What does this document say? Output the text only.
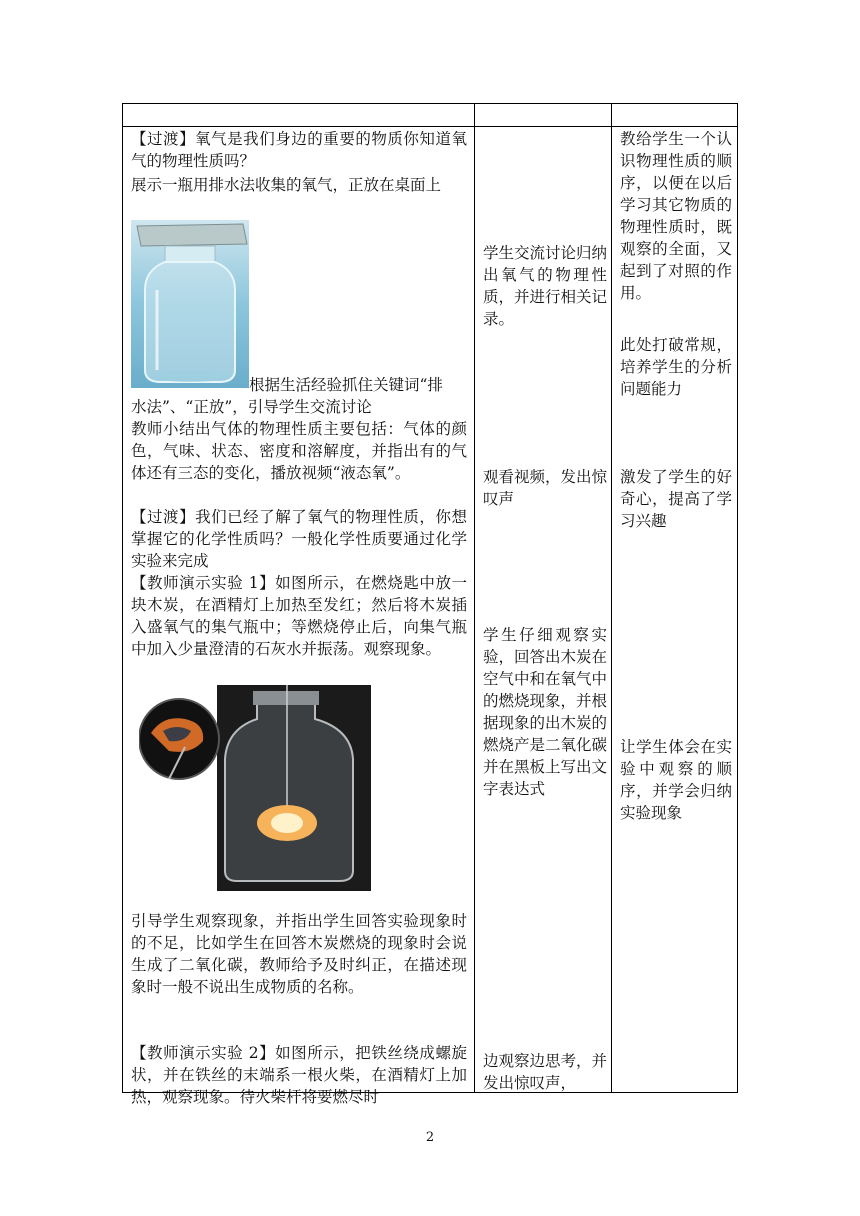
【过渡】氧气是我们身边的重要的物质你知道氧气的物理性质吗？

展示一瓶用排水法收集的氧气，正放在桌面上

根据生活经验抓住关键词“排

水法”、“正放”，引导学生交流讨论

教师小结出气体的物理性质主要包括：气体的颜色，气味、状态、密度和溶解度，并指出有的气体还有三态的变化，播放视频“液态氧”。

【过渡】我们已经了解了氧气的物理性质，你想掌握它的化学性质吗？一般化学性质要通过化学实验来完成

【教师演示实验 1】如图所示，在燃烧匙中放一块木炭，在酒精灯上加热至发红；然后将木炭插入盛氧气的集气瓶中；等燃烧停止后，向集气瓶中加入少量澄清的石灰水并振荡。观察现象。

引导学生观察现象，并指出学生回答实验现象时的不足，比如学生在回答木炭燃烧的现象时会说生成了二氧化碳，教师给予及时纠正，在描述现象时一般不说出生成物质的名称。

【教师演示实验 2】如图所示，把铁丝绕成螺旋状，并在铁丝的末端系一根火柴，在酒精灯上加热，观察现象。待火柴杆将要燃尽时

学生交流讨论归纳出氧气的物理性质，并进行相关记录。

观看视频，发出惊叹声

学生仔细观察实验，回答出木炭在空气中和在氧气中的燃烧现象，并根据现象的出木炭的燃烧产是二氧化碳并在黑板上写出文字表达式

边观察边思考，并发出惊叹声，

教给学生一个认识物理性质的顺序，以便在以后学习其它物质的物理性质时，既观察的全面，又起到了对照的作用。

此处打破常规，培养学生的分析问题能力

激发了学生的好奇心，提高了学习兴趣

让学生体会在实验中观察的顺序，并学会归纳实验现象

2
